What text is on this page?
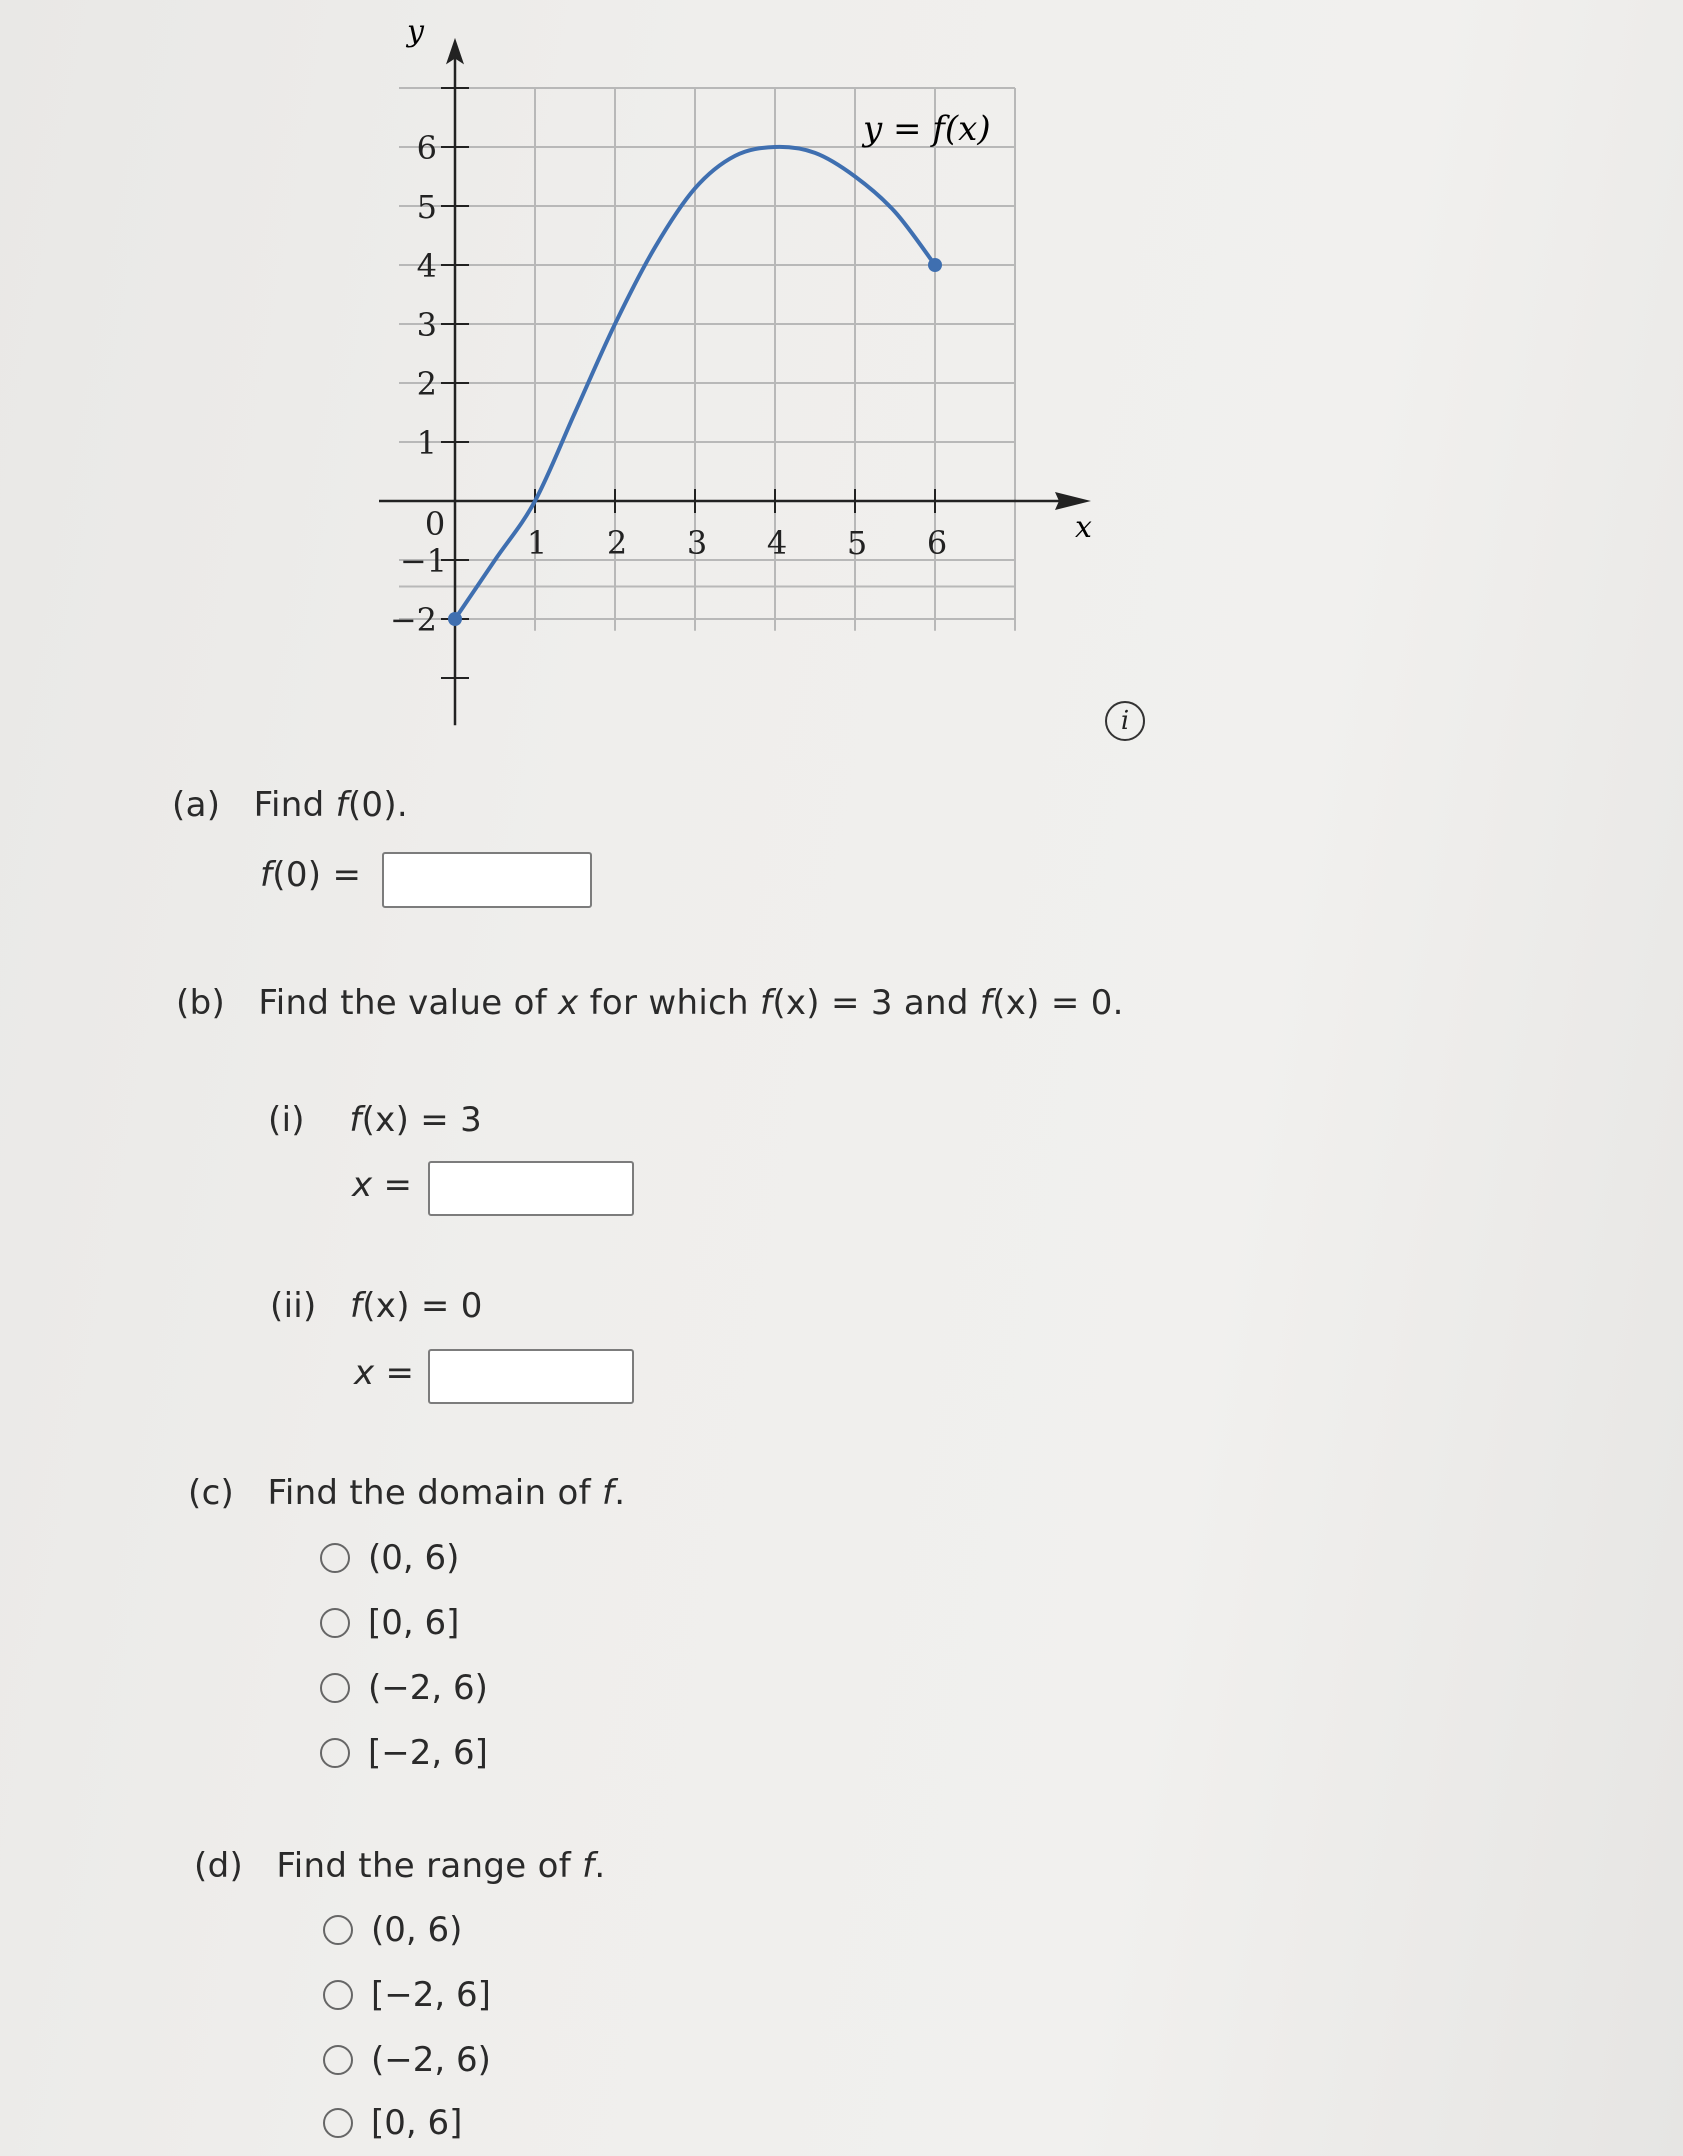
1 2 3 4 5 6
6
5
4
3
2
1
0
−1
−2
x
y
y = f(x)
i
(a) Find f(0).
f(0) =
(b) Find the value of x for which f(x) = 3 and f(x) = 0.
(i) f(x) = 3
x =
(ii) f(x) = 0
x =
(c) Find the domain of f.
(0, 6)
[0, 6]
(−2, 6)
[−2, 6]
(d) Find the range of f.
(0, 6)
[−2, 6]
(−2, 6)
[0, 6]
